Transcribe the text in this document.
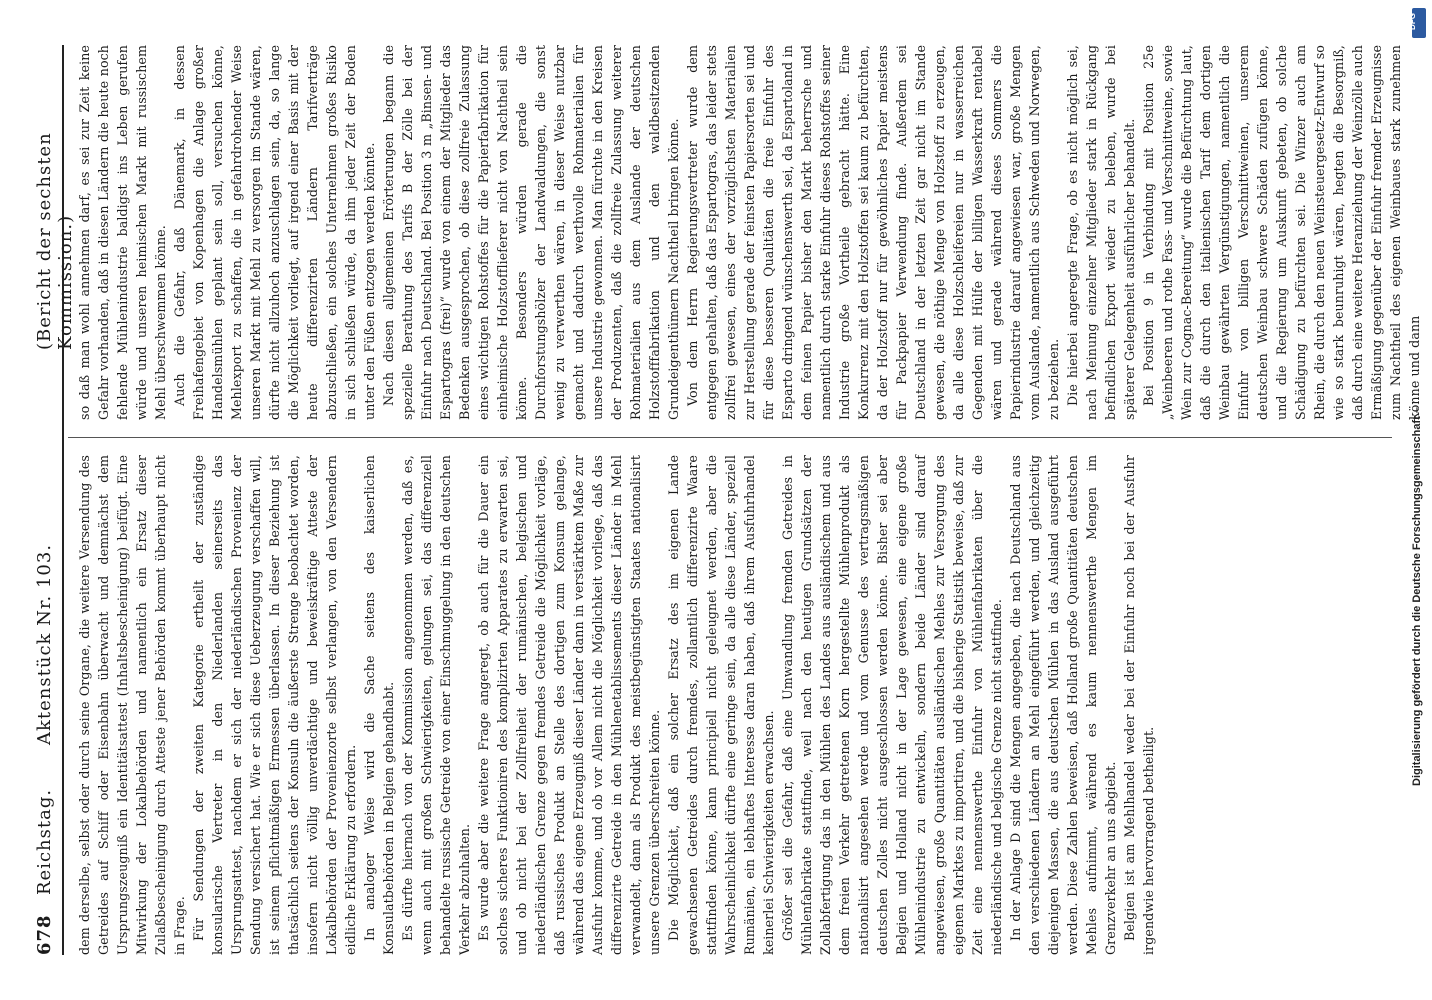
678
Reichstag.
Aktenstück Nr. 103.
(Bericht der sechsten Kommission.)

dem derselbe, selbst oder durch seine Organe, die weitere Versendung des Getreides auf Schiff oder Eisenbahn überwacht und demnächst dem Ursprungszeugniß ein Identitätsattest (Inhaltsbescheinigung) beifügt. Eine Mitwirkung der Lokalbehörden und namentlich ein Ersatz dieser Zulaßbescheinigung durch Atteste jener Behörden kommt überhaupt nicht in Frage. Für Sendungen der zweiten Kategorie ertheilt der zuständige konsularische Vertreter in den Niederlanden seinerseits das Ursprungsattest, nachdem er sich der niederländischen Provenienz der Sendung versichert hat. Wie er sich diese Ueberzeugung verschaffen will, ist seinem pflichtmäßigen Ermessen überlassen. In dieser Beziehung ist thatsächlich seitens der Konsuln die äußerste Strenge beobachtet worden, insofern nicht völlig unverdächtige und beweiskräftige Atteste der Lokalbehörden der Provenienzorte selbst verlangen, von den Versendern eidliche Erklärung zu erfordern. In analoger Weise wird die Sache seitens des kaiserlichen Konsulatbehörden in Belgien gehandhabt. Es dürfte hiernach von der Kommission angenommen werden, daß es, wenn auch mit großen Schwierigkeiten, gelungen sei, das differenziell behandelte russische Getreide von einer Einschmuggelung in den deutschen Verkehr abzuhalten. Es wurde aber die weitere Frage angeregt, ob auch für die Dauer ein solches sicheres Funktioniren des komplizirten Apparates zu erwarten sei, und ob nicht bei der Zollfreiheit der rumänischen, belgischen und niederländischen Grenze gegen fremdes Getreide die Möglichkeit vorläge, daß russisches Produkt an Stelle des dortigen zum Konsum gelange, während das eigene Erzeugniß dieser Länder dann in verstärktem Maße zur Ausfuhr komme, und ob vor Allem nicht die Möglichkeit vorliege, daß das differenzirte Getreide in den Mühlenetablissements dieser Länder in Mehl verwandelt, dann als Produkt des meistbegünstigten Staates nationalisirt unsere Grenzen überschreiten könne. Die Möglichkeit, daß ein solcher Ersatz des im eigenen Lande gewachsenen Getreides durch fremdes, zollamtlich differenzirte Waare stattfinden könne, kann principiell nicht geleugnet werden, aber die Wahrscheinlichkeit dürfte eine geringe sein, da alle diese Länder, speziell Rumänien, ein lebhaftes Interesse daran haben, daß ihrem Ausfuhrhandel keinerlei Schwierigkeiten erwachsen. Größer sei die Gefahr, daß eine Umwandlung fremden Getreides in Mühlenfabrikate stattfinde, weil nach den heutigen Grundsätzen der Zollabfertigung das in den Mühlen des Landes aus ausländischem und aus dem freien Verkehr getretenen Korn hergestellte Mühlenprodukt als nationalisirt angesehen werde und vom Genusse des vertragsmäßigen deutschen Zolles nicht ausgeschlossen werden könne. Bisher sei aber Belgien und Holland nicht in der Lage gewesen, eine eigene große Mühlenindustrie zu entwickeln, sondern beide Länder sind darauf angewiesen, große Quantitäten ausländischen Mehles zur Versorgung des eigenen Marktes zu importiren, und die bisherige Statistik beweise, daß zur Zeit eine nennenswerthe Einfuhr von Mühlenfabrikaten über die niederländische und belgische Grenze nicht stattfinde. In der Anlage D sind die Mengen angegeben, die nach Deutschland aus den verschiedenen Ländern an Mehl eingeführt werden, und gleichzeitig diejenigen Massen, die aus deutschen Mühlen in das Ausland ausgeführt werden. Diese Zahlen beweisen, daß Holland große Quantitäten deutschen Mehles aufnimmt, während es kaum nennenswerthe Mengen im Grenzverkehr an uns abgiebt. Belgien ist am Mehlhandel weder bei der Einfuhr noch bei der Ausfuhr irgendwie hervorragend betheiligt.

so daß man wohl annehmen darf, es sei zur Zeit keine Gefahr vorhanden, daß in diesen Ländern die heute noch fehlende Mühlenindustrie baldigst ins Leben gerufen würde und unseren heimischen Markt mit russischem Mehl überschwemmen könne. Auch die Gefahr, daß Dänemark, in dessen Freihafengebiet von Kopenhagen die Anlage großer Handelsmühlen geplant sein soll, versuchen könne, Mehlexport zu schaffen, die in gefahrdrohender Weise unseren Markt mit Mehl zu versorgen im Stande wären, dürfte nicht allzuhoch anzuschlagen sein, da, so lange die Möglichkeit vorliegt, auf irgend einer Basis mit der heute differenzirten Ländern Tarifverträge abzuschließen, ein solches Unternehmen großes Risiko in sich schließen würde, da ihm jeder Zeit der Boden unter den Füßen entzogen werden könnte. Nach diesen allgemeinen Erörterungen begann die spezielle Berathung des Tarifs B der Zölle bei der Einfuhr nach Deutschland. Bei Position 3 m „Binsen- und Espartogras (frei)“ wurde von einem der Mitglieder das Bedenken ausgesprochen, ob diese zollfreie Zulassung eines wichtigen Rohstoffes für die Papierfabrikation für einheimische Holzstofflieferer nicht von Nachtheil sein könne. Besonders würden gerade die Durchforstungshölzer der Landwaldungen, die sonst wenig zu verwerthen wären, in dieser Weise nutzbar gemacht und dadurch werthvolle Rohmaterialien für unsere Industrie gewonnen. Man fürchte in den Kreisen der Produzenten, daß die zollfreie Zulassung weiterer Rohmaterialien aus dem Auslande der deutschen Holzstofffabrikation und den waldbesitzenden Grundeigenthümern Nachtheil bringen könne. Von dem Herrn Regierungsvertreter wurde dem entgegen gehalten, daß das Espartogras, das leider stets zollfrei gewesen, eines der vorzüglichsten Materialien zur Herstellung gerade der feinsten Papiersorten sei und für diese besseren Qualitäten die freie Einfuhr des Esparto dringend wünschenswerth sei, da Espartoland in dem feinen Papier bisher den Markt beherrsche und namentlich durch starke Einfuhr dieses Rohstoffes seiner Industrie große Vortheile gebracht hätte. Eine Konkurrenz mit den Holzstoffen sei kaum zu befürchten, da der Holzstoff nur für gewöhnliches Papier meistens für Packpapier Verwendung finde. Außerdem sei Deutschland in der letzten Zeit gar nicht im Stande gewesen, die nöthige Menge von Holzstoff zu erzeugen, da alle diese Holzschleifereien nur in wasserreichen Gegenden mit Hülfe der billigen Wasserkraft rentabel wären und gerade während dieses Sommers die Papierindustrie darauf angewiesen war, große Mengen vom Auslande, namentlich aus Schweden und Norwegen, zu beziehen. Die hierbei angeregte Frage, ob es nicht möglich sei, nach Meinung einzelner Mitglieder stark in Rückgang befindlichen Export wieder zu beleben, wurde bei späterer Gelegenheit ausführlicher behandelt. Bei Position 9 in Verbindung mit Position 25e „Weinbeeren und rothe Fass- und Verschnittweine, sowie Wein zur Cognac-Bereitung“ wurde die Befürchtung laut, daß die durch den italienischen Tarif dem dortigen Weinbau gewährten Vergünstigungen, namentlich die Einfuhr von billigen Verschnittweinen, unserem deutschen Weinbau schwere Schäden zufügen könne, und die Regierung um Auskunft gebeten, ob solche Schädigung zu befürchten sei. Die Winzer auch am Rhein, die durch den neuen Weinsteuergesetz-Entwurf so wie so stark beunruhigt wären, hegten die Besorgniß, daß durch eine weitere Heranziehung der Weinzölle auch Ermäßigung gegenüber der Einfuhr fremder Erzeugnisse zum Nachtheil des eigenen Weinbaues stark zunehmen könne und dann

Digitalisierung gefördert durch die Deutsche Forschungsgemeinschaft –
DFG
